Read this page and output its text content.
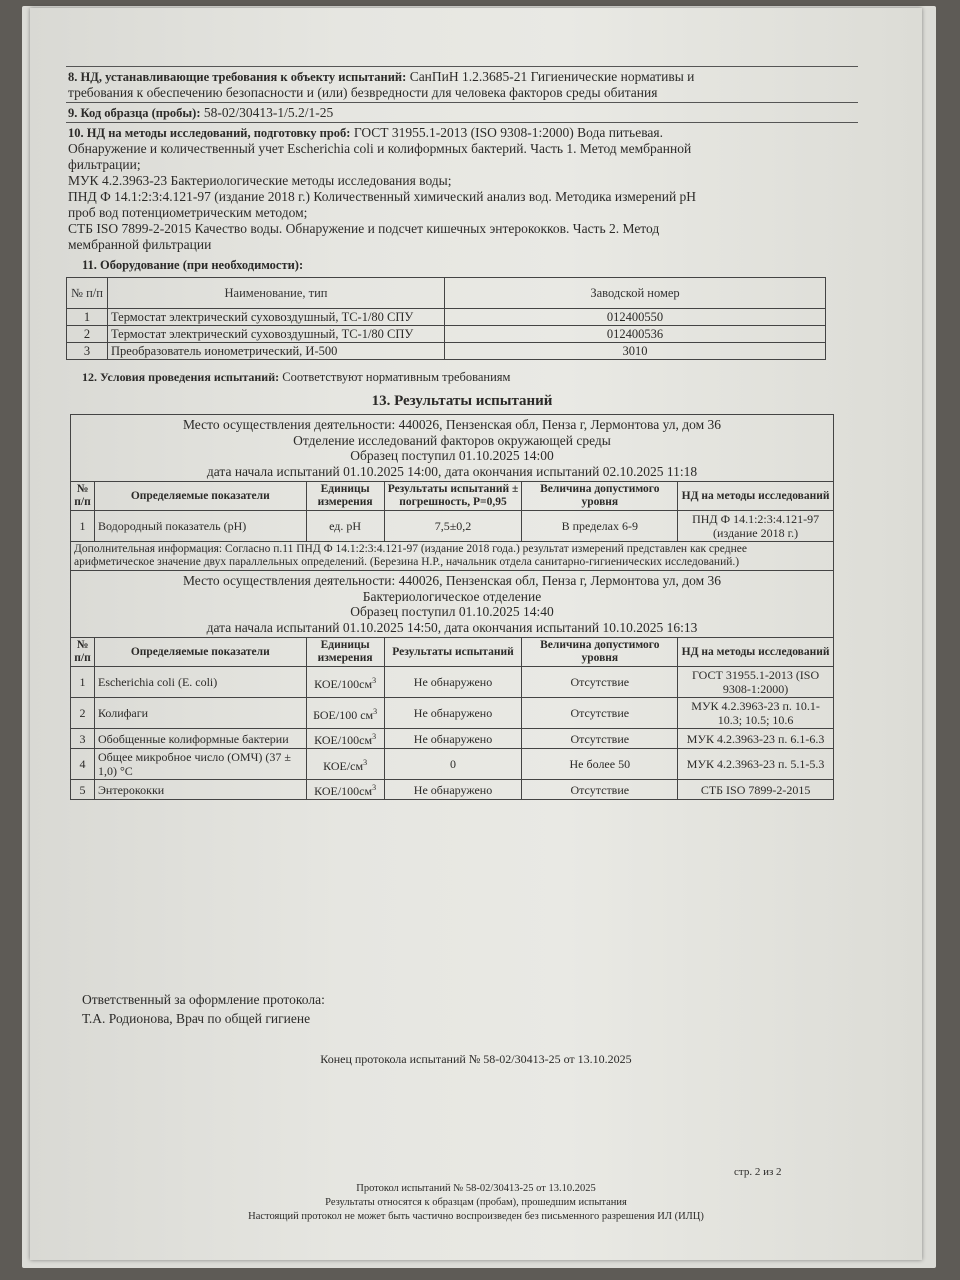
8. НД, устанавливающие требования к объекту испытаний: СанПиН 1.2.3685-21 Гигиенические нормативы и
требования к обеспечению безопасности и (или) безвредности для человека факторов среды обитания
9. Код образца (пробы): 58-02/30413-1/5.2/1-25
10. НД на методы исследований, подготовку проб: ГОСТ 31955.1-2013 (ISO 9308-1:2000) Вода питьевая.
Обнаружение и количественный учет Escherichia coli и колиформных бактерий. Часть 1. Метод мембранной
фильтрации;
МУК 4.2.3963-23 Бактериологические методы исследования воды;
ПНД Ф 14.1:2:3:4.121-97 (издание 2018 г.) Количественный химический анализ вод. Методика измерений pH
проб вод потенциометрическим методом;
СТБ ISO 7899-2-2015 Качество воды. Обнаружение и подсчет кишечных энтерококков. Часть 2. Метод
мембранной фильтрации
11. Оборудование (при необходимости):
№ п/п	Наименование, тип	Заводской номер
1	Термостат электрический суховоздушный, ТС-1/80 СПУ	012400550
2	Термостат электрический суховоздушный, ТС-1/80 СПУ	012400536
3	Преобразователь ионометрический, И-500	3010
12. Условия проведения испытаний: Соответствуют нормативным требованиям
13. Результаты испытаний
Место осуществления деятельности: 440026, Пензенская обл, Пенза г, Лермонтова ул, дом 36
Отделение исследований факторов окружающей среды
Образец поступил 01.10.2025 14:00
дата начала испытаний 01.10.2025 14:00, дата окончания испытаний 02.10.2025 11:18					

№ п/п	Определяемые показатели	Единицы измерения	Результаты испытаний ± погрешность, P=0,95	Величина допустимого уровня	НД на методы исследований
1	Водородный показатель (pH)	ед. pH	7,5±0,2	В пределах 6-9	ПНД Ф 14.1:2:3:4.121-97 (издание 2018 г.)
Дополнительная информация: Согласно п.11 ПНД Ф 14.1:2:3:4.121-97 (издание 2018 года.) результат измерений представлен как среднее арифметическое значение двух параллельных определений. (Березина Н.Р., начальник отдела санитарно-гигиенических исследований.)					

Место осуществления деятельности: 440026, Пензенская обл, Пенза г, Лермонтова ул, дом 36
Бактериологическое отделение
Образец поступил 01.10.2025 14:40
дата начала испытаний 01.10.2025 14:50, дата окончания испытаний 10.10.2025 16:13					

№ п/п	Определяемые показатели	Единицы измерения	Результаты испытаний	Величина допустимого уровня	НД на методы исследований
1	Escherichia coli (E. coli)	КОЕ/$100см^3$	Не обнаружено	Отсутствие	ГОСТ 31955.1-2013 (ISO 9308-1:2000)
2	Колифаги	БОЕ/100 $см^3$	Не обнаружено	Отсутствие	МУК 4.2.3963-23 п. 10.1-10.3; 10.5; 10.6
3	Обобщенные колиформные бактерии	КОЕ/$100см^3$	Не обнаружено	Отсутствие	МУК 4.2.3963-23 п. 6.1-6.3
4	Общее микробное число (ОМЧ) (37 ± 1,0) °С	КОЕ/$см^3$	0	Не более 50	МУК 4.2.3963-23 п. 5.1-5.3
5	Энтерококки	КОЕ/$100см^3$	Не обнаружено	Отсутствие	СТБ ISO 7899-2-2015
Ответственный за оформление протокола:
Т.А. Родионова, Врач по общей гигиене
Конец протокола испытаний № 58-02/30413-25 от 13.10.2025
стр. 2 из 2
Протокол испытаний № 58-02/30413-25 от 13.10.2025
Результаты относятся к образцам (пробам), прошедшим испытания
Настоящий протокол не может быть частично воспроизведен без письменного разрешения ИЛ (ИЛЦ)
